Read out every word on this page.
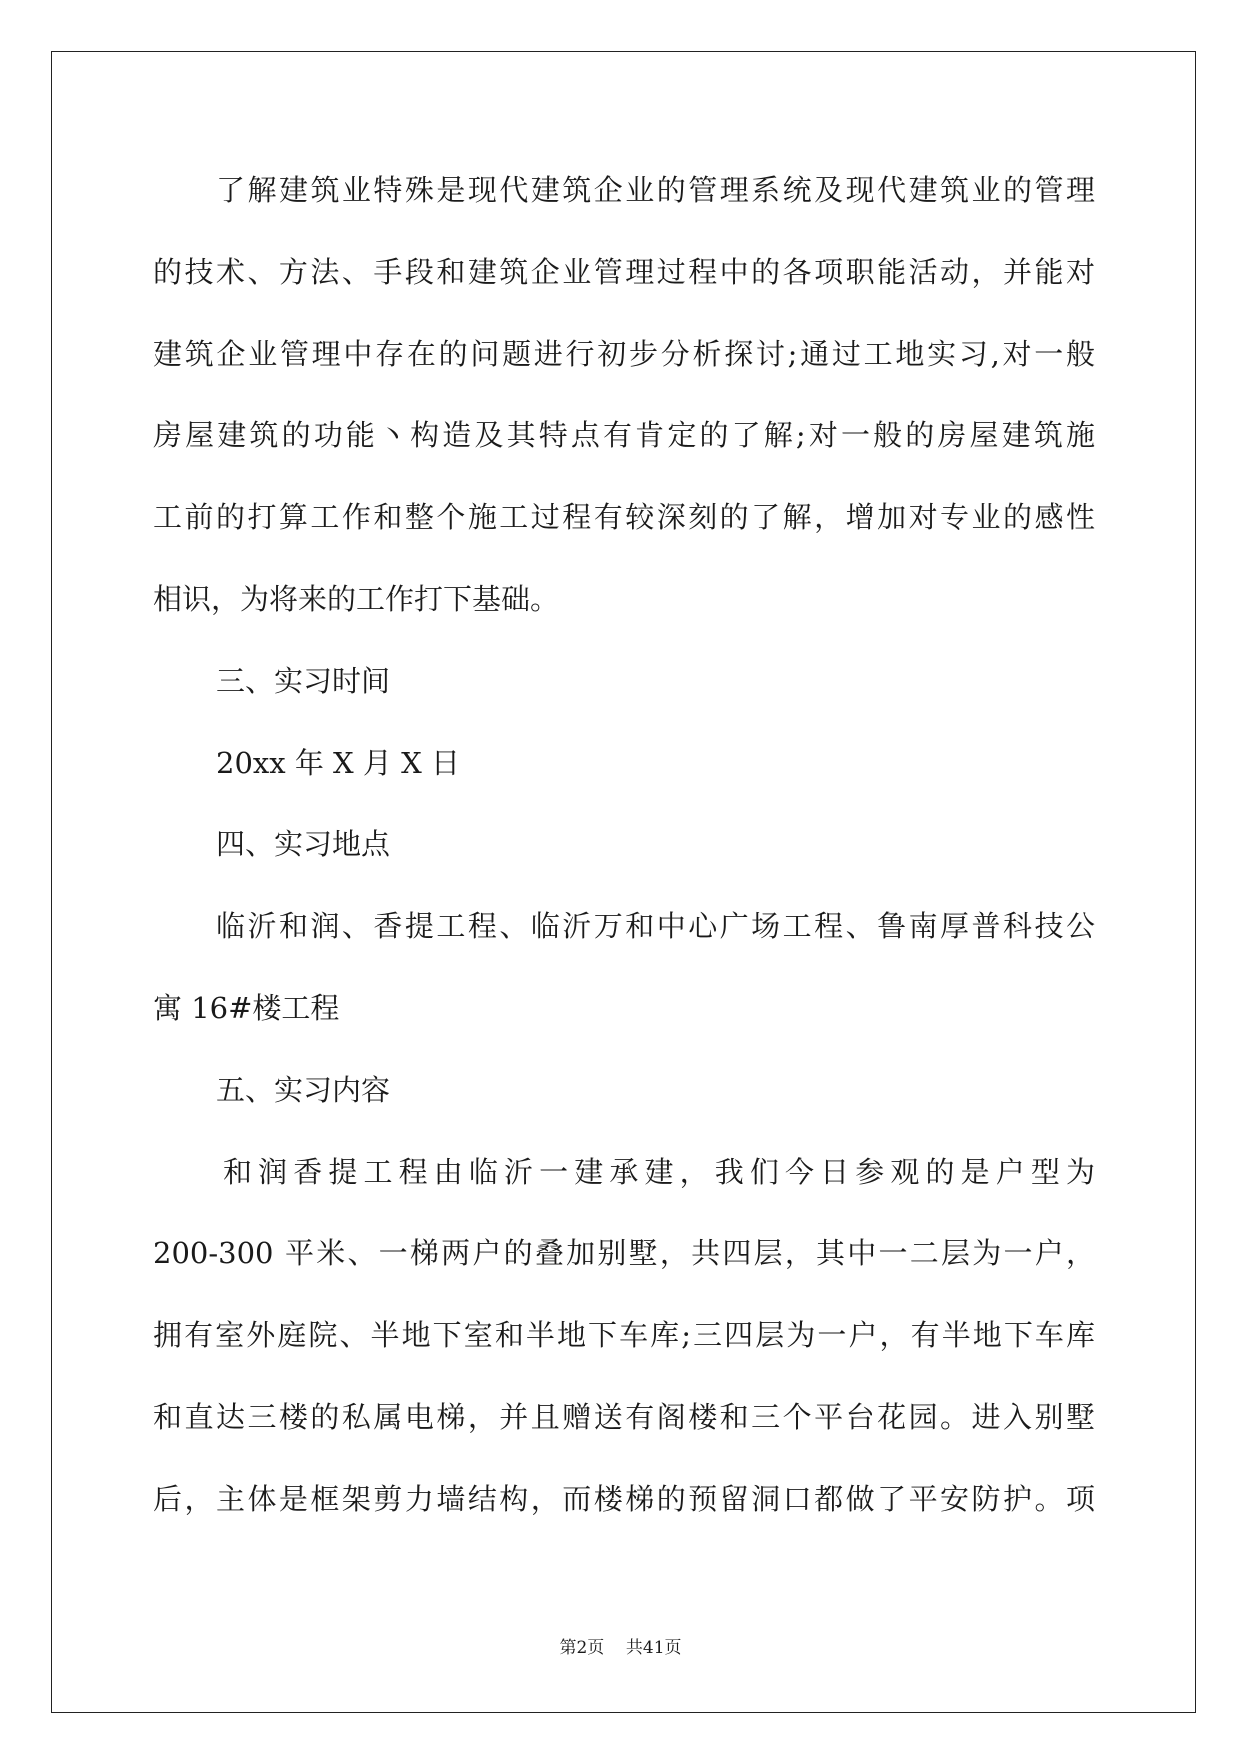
了解建筑业特殊是现代建筑企业的管理系统及现代建筑业的管理
的技术、方法、手段和建筑企业管理过程中的各项职能活动，并能对
建筑企业管理中存在的问题进行初步分析探讨;通过工地实习,对一般
房屋建筑的功能丶构造及其特点有肯定的了解;对一般的房屋建筑施
工前的打算工作和整个施工过程有较深刻的了解，增加对专业的感性
相识，为将来的工作打下基础。
三、实习时间
20xx 年 X 月 X 日
四、实习地点
临沂和润、香提工程、临沂万和中心广场工程、鲁南厚普科技公
寓 16#楼工程
五、实习内容
和润香提工程由临沂一建承建，我们今日参观的是户型为
200-300 平米、一梯两户的叠加别墅，共四层，其中一二层为一户，
拥有室外庭院、半地下室和半地下车库;三四层为一户，有半地下车库
和直达三楼的私属电梯，并且赠送有阁楼和三个平台花园。进入别墅
后，主体是框架剪力墙结构，而楼梯的预留洞口都做了平安防护。项
第2页    共41页
